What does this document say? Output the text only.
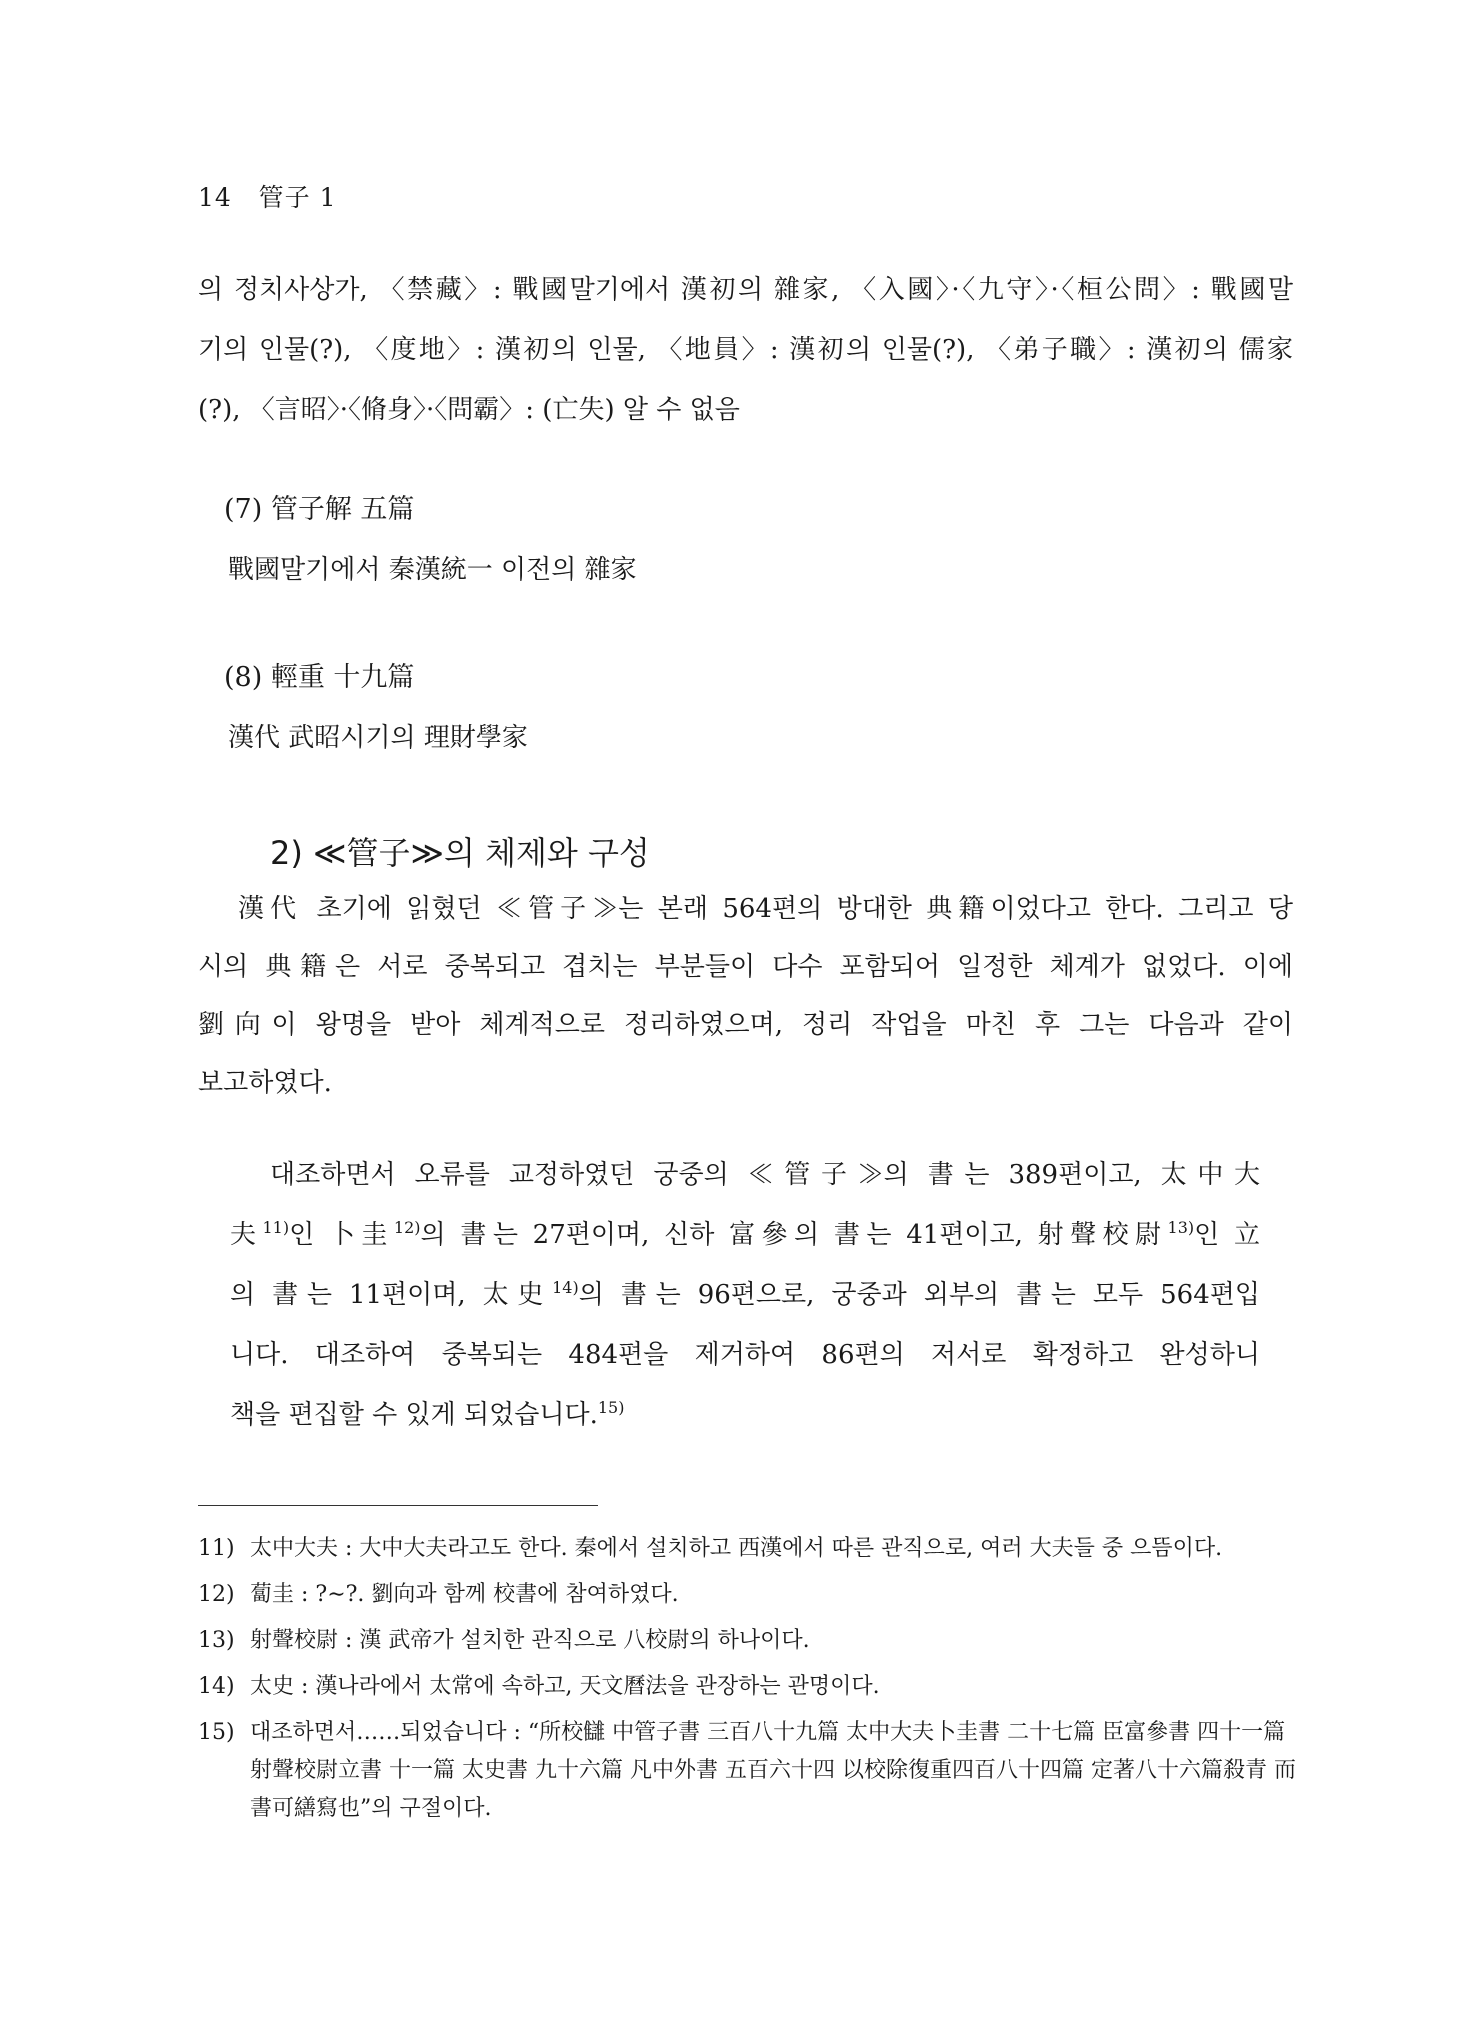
14 管子 1
의 정치사상가, 〈禁藏〉: 戰國말기에서 漢初의 雜家, 〈入國〉·〈九守〉·〈桓公問〉: 戰國말
기의 인물(?), 〈度地〉: 漢初의 인물, 〈地員〉: 漢初의 인물(?), 〈弟子職〉: 漢初의 儒家
(?), 〈言昭〉·〈脩身〉·〈問霸〉: (亡失) 알 수 없음
(7) 管子解 五篇
戰國말기에서 秦漢統一 이전의 雜家
(8) 輕重 十九篇
漢代 武昭시기의 理財學家
2) ≪管子≫의 체제와 구성
漢代 초기에 읽혔던 ≪管子≫는 본래 564편의 방대한 典籍이었다고 한다. 그리고 당
시의 典籍은 서로 중복되고 겹치는 부분들이 다수 포함되어 일정한 체계가 없었다. 이에
劉向이 왕명을 받아 체계적으로 정리하였으며, 정리 작업을 마친 후 그는 다음과 같이
보고하였다.
대조하면서 오류를 교정하였던 궁중의 ≪管子≫의 書는 389편이고, 太中大
夫$^{11)}$인 卜圭$^{12)}$의 書는 27편이며, 신하 富參의 書는 41편이고, 射聲校尉$^{13)}$인 立
의 書는 11편이며, 太史$^{14)}$의 書는 96편으로, 궁중과 외부의 書는 모두 564편입
니다. 대조하여 중복되는 484편을 제거하여 86편의 저서로 확정하고 완성하니
책을 편집할 수 있게 되었습니다.$^{15)}$
11) 太中大夫 : 大中大夫라고도 한다. 秦에서 설치하고 西漢에서 따른 관직으로, 여러 大夫들 중 으뜸이다.
12) 蔔圭 : ?∼?. 劉向과 함께 校書에 참여하였다.
13) 射聲校尉 : 漢 武帝가 설치한 관직으로 八校尉의 하나이다.
14) 太史 : 漢나라에서 太常에 속하고, 天文曆法을 관장하는 관명이다.
15) 대조하면서……되었습니다 : “所校讎 中管子書 三百八十九篇 太中大夫卜圭書 二十七篇 臣富參書 四十一篇 射聲校尉立書 十一篇 太史書 九十六篇 凡中外書 五百六十四 以校除復重四百八十四篇 定著八十六篇殺青 而書可繕寫也”의 구절이다.
